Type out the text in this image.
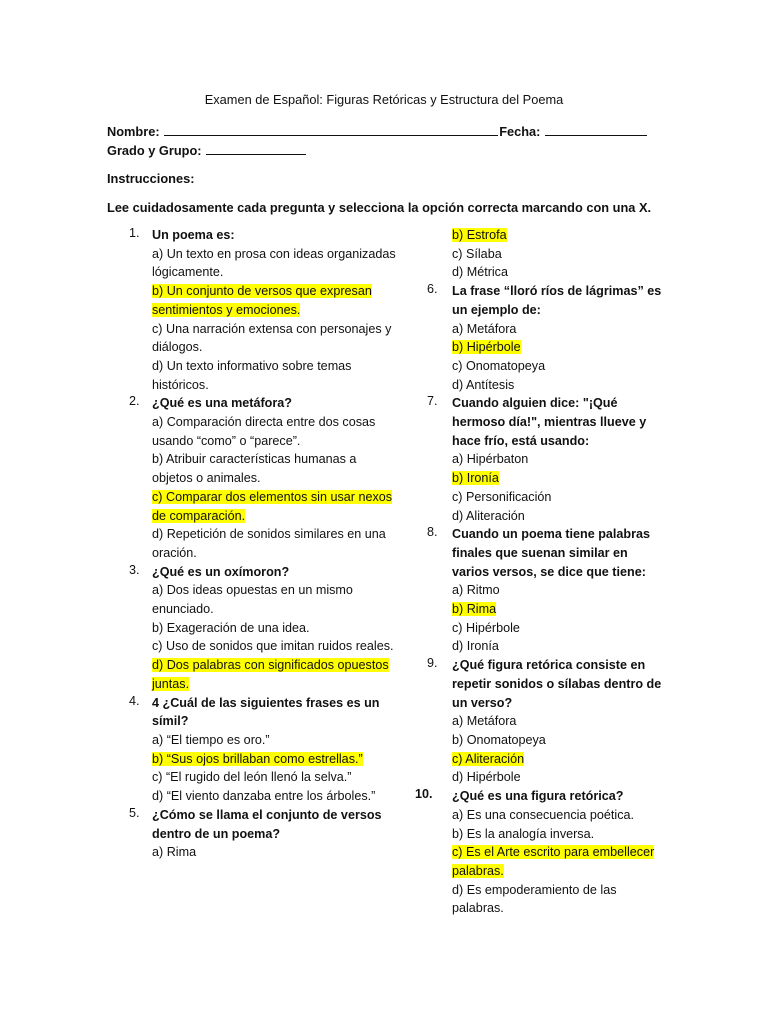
Examen de Español: Figuras Retóricas y Estructura del Poema
Nombre:	Fecha:
Grado y Grupo:
Instrucciones:
Lee cuidadosamente cada pregunta y selecciona la opción correcta marcando con una X.
1. Un poema es:
a) Un texto en prosa con ideas organizadas lógicamente.
b) Un conjunto de versos que expresan sentimientos y emociones.
c) Una narración extensa con personajes y diálogos.
d) Un texto informativo sobre temas históricos.
2. ¿Qué es una metáfora?
a) Comparación directa entre dos cosas usando “como” o “parece”.
b) Atribuir características humanas a objetos o animales.
c) Comparar dos elementos sin usar nexos de comparación.
d) Repetición de sonidos similares en una oración.
3. ¿Qué es un oxímoron?
a) Dos ideas opuestas en un mismo enunciado.
b) Exageración de una idea.
c) Uso de sonidos que imitan ruidos reales.
d) Dos palabras con significados opuestos juntas.
4. 4 ¿Cuál de las siguientes frases es un símil?
a) “El tiempo es oro.”
b) “Sus ojos brillaban como estrellas.”
c) “El rugido del león llenó la selva.”
d) “El viento danzaba entre los árboles.”
5. ¿Cómo se llama el conjunto de versos dentro de un poema?
a) Rima
b) Estrofa
c) Sílaba
d) Métrica
6. La frase “lloró ríos de lágrimas” es un ejemplo de:
a) Metáfora
b) Hipérbole
c) Onomatopeya
d) Antítesis
7. Cuando alguien dice: "¡Qué hermoso día!", mientras llueve y hace frío, está usando:
a) Hipérbaton
b) Ironía
c) Personificación
d) Aliteración
8. Cuando un poema tiene palabras finales que suenan similar en varios versos, se dice que tiene:
a) Ritmo
b) Rima
c) Hipérbole
d) Ironía
9. ¿Qué figura retórica consiste en repetir sonidos o sílabas dentro de un verso?
a) Metáfora
b) Onomatopeya
c) Aliteración
d) Hipérbole
10. ¿Qué es una figura retórica?
a) Es una consecuencia poética.
b) Es la analogía inversa.
c) Es el Arte escrito para embellecer palabras.
d) Es empoderamiento de las palabras.
